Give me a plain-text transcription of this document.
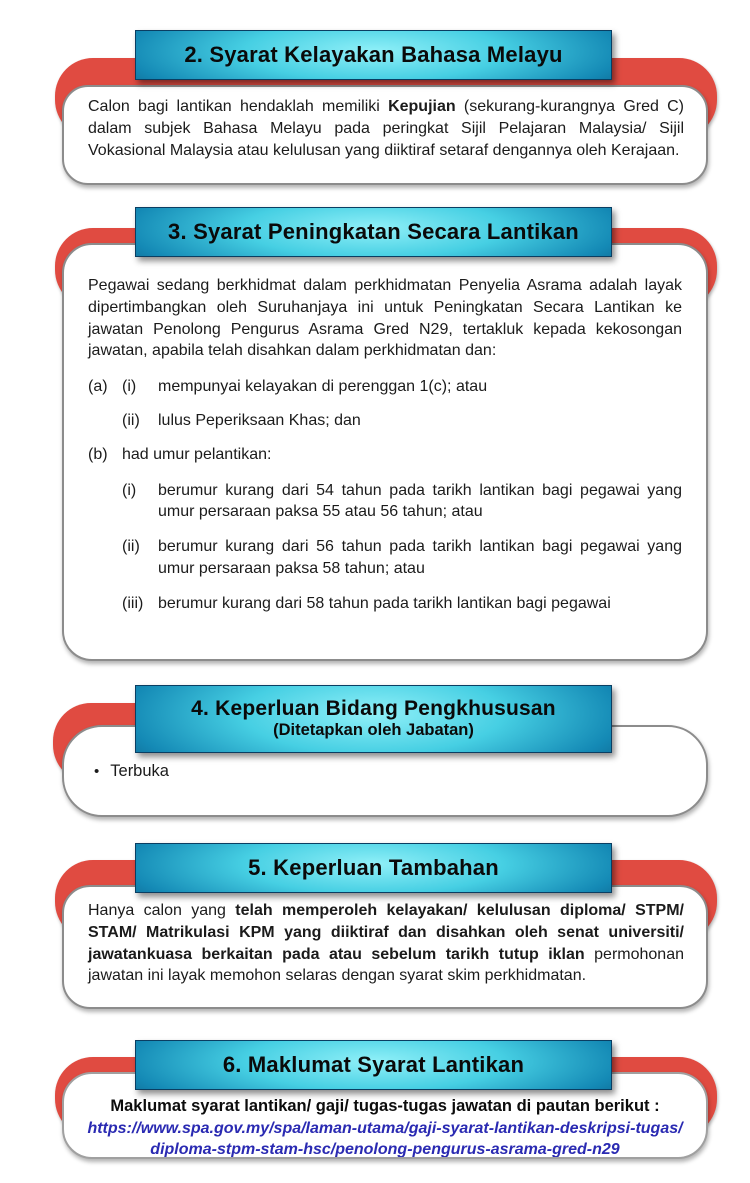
Calon bagi lantikan hendaklah memiliki Kepujian (sekurang-kurangnya Gred C) dalam subjek Bahasa Melayu pada peringkat Sijil Pelajaran Malaysia/ Sijil Vokasional Malaysia atau kelulusan yang diiktiraf setaraf dengannya oleh Kerajaan.

2. Syarat Kelayakan Bahasa Melayu

Pegawai sedang berkhidmat dalam perkhidmatan Penyelia Asrama adalah layak dipertimbangkan oleh Suruhanjaya ini untuk Peningkatan Secara Lantikan ke jawatan Penolong Pengurus Asrama Gred N29, tertakluk kepada kekosongan jawatan, apabila telah disahkan dalam perkhidmatan dan:

(a) (i)	mempunyai kelayakan di perenggan 1(c); atau
(ii)	lulus Peperiksaan Khas; dan
(b) had umur pelantikan:
(i)	berumur kurang dari 54 tahun pada tarikh lantikan bagi pegawai yang umur persaraan paksa 55 atau 56 tahun; atau
(ii)	berumur kurang dari 56 tahun pada tarikh lantikan bagi pegawai yang umur persaraan paksa 58 tahun; atau
(iii) berumur kurang dari 58 tahun pada tarikh lantikan bagi pegawai
3. Syarat Peningkatan Secara Lantikan
• Terbuka
4. Keperluan Bidang Pengkhususan
(Ditetapkan oleh Jabatan)

Hanya calon yang telah memperoleh kelayakan/ kelulusan diploma/ STPM/ STAM/ Matrikulasi KPM yang diiktiraf dan disahkan oleh senat universiti/ jawatankuasa berkaitan pada atau sebelum tarikh tutup iklan permohonan jawatan ini layak memohon selaras dengan syarat skim perkhidmatan.

5. Keperluan Tambahan
Maklumat syarat lantikan/ gaji/ tugas-tugas jawatan di pautan berikut :
https://www.spa.gov.my/spa/laman-utama/gaji-syarat-lantikan-deskripsi-tugas/
diploma-stpm-stam-hsc/penolong-pengurus-asrama-gred-n29
6. Maklumat Syarat Lantikan
